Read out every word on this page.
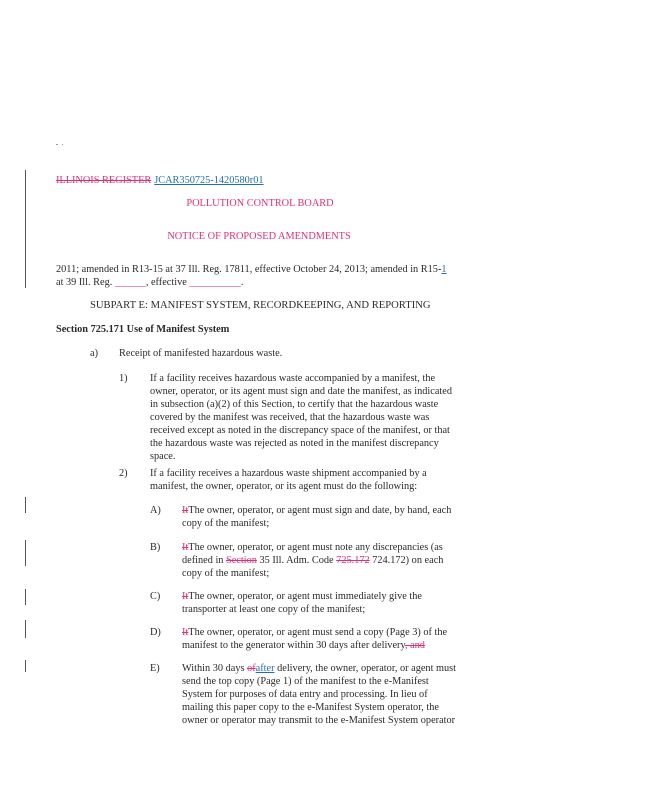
ILLINOIS REGISTER JCAR350725-1420580r01
POLLUTION CONTROL BOARD
NOTICE OF PROPOSED AMENDMENTS
2011; amended in R13-15 at 37 Ill. Reg. 17811, effective October 24, 2013; amended in R15-1
at 39 Ill. Reg. ______, effective __________.
SUBPART E: MANIFEST SYSTEM, RECORDKEEPING, AND REPORTING
Section 725.171 Use of Manifest System
a) Receipt of manifested hazardous waste.
1) If a facility receives hazardous waste accompanied by a manifest, the

owner, operator, or its agent must sign and date the manifest, as indicated

in subsection (a)(2) of this Section, to certify that the hazardous waste

covered by the manifest was received, that the hazardous waste was

received except as noted in the discrepancy space of the manifest, or that

the hazardous waste was rejected as noted in the manifest discrepancy

space.

2) If a facility receives a hazardous waste shipment accompanied by a

manifest, the owner, operator, or its agent must do the following:

A) ItThe owner, operator, or agent must sign and date, by hand, each

copy of the manifest;

B) ItThe owner, operator, or agent must note any discrepancies (as

defined in Section 35 Ill. Adm. Code 725.172 724.172) on each

copy of the manifest;

C) ItThe owner, operator, or agent must immediately give the

transporter at least one copy of the manifest;

D) ItThe owner, operator, or agent must send a copy (Page 3) of the

manifest to the generator within 30 days after delivery, and

E) Within 30 days ofafter delivery, the owner, operator, or agent must

send the top copy (Page 1) of the manifest to the e-Manifest

System for purposes of data entry and processing. In lieu of

mailing this paper copy to the e-Manifest System operator, the

owner or operator may transmit to the e-Manifest System operator
